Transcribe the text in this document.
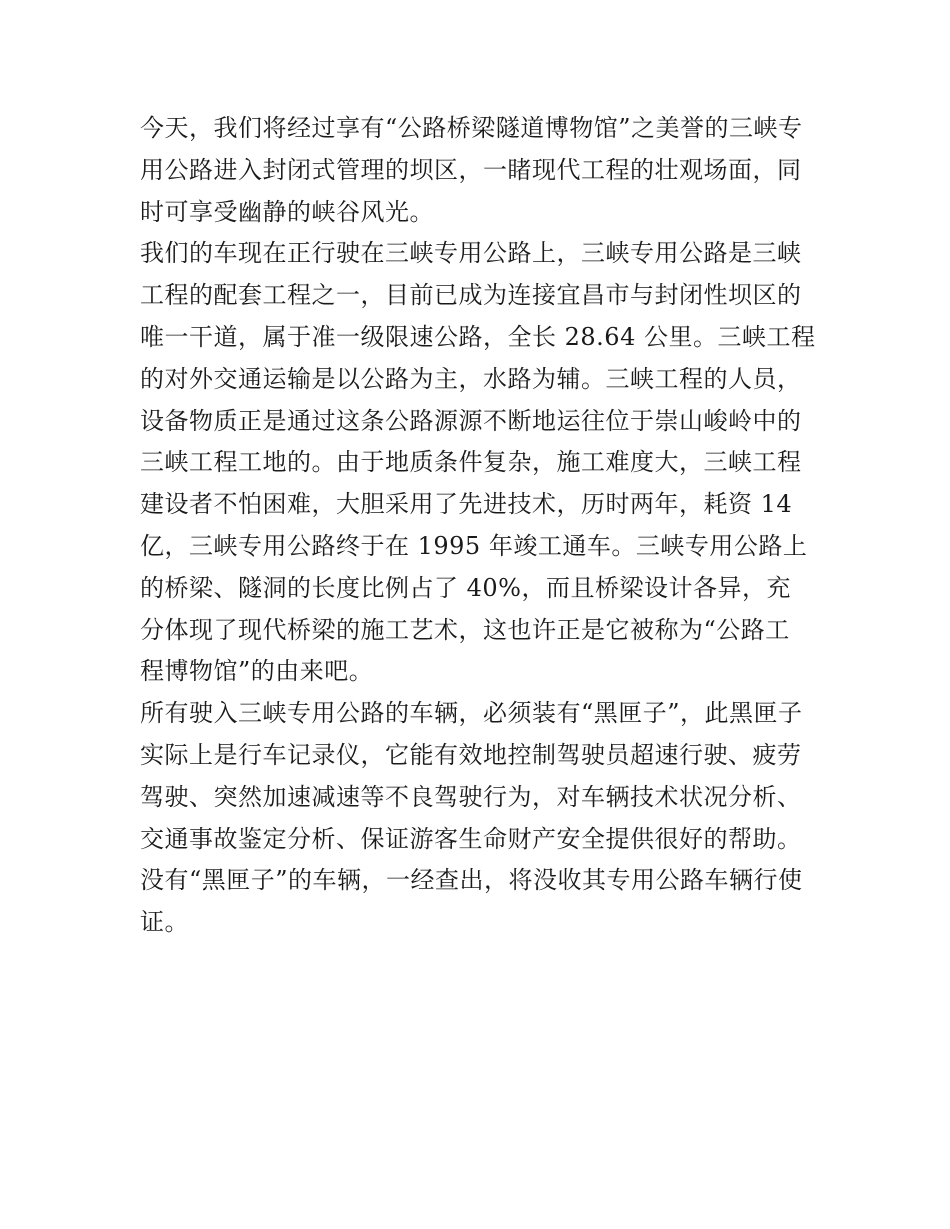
今天，我们将经过享有“公路桥梁隧道博物馆”之美誉的三峡专
用公路进入封闭式管理的坝区，一睹现代工程的壮观场面，同
时可享受幽静的峡谷风光。

我们的车现在正行驶在三峡专用公路上，三峡专用公路是三峡
工程的配套工程之一，目前已成为连接宜昌市与封闭性坝区的
唯一干道，属于准一级限速公路，全长 28.64 公里。三峡工程
的对外交通运输是以公路为主，水路为辅。三峡工程的人员，
设备物质正是通过这条公路源源不断地运往位于崇山峻岭中的
三峡工程工地的。由于地质条件复杂，施工难度大，三峡工程
建设者不怕困难，大胆采用了先进技术，历时两年，耗资 14
亿，三峡专用公路终于在 1995 年竣工通车。三峡专用公路上
的桥梁、隧洞的长度比例占了 40%，而且桥梁设计各异，充
分体现了现代桥梁的施工艺术，这也许正是它被称为“公路工
程博物馆”的由来吧。

所有驶入三峡专用公路的车辆，必须装有“黑匣子”，此黑匣子
实际上是行车记录仪，它能有效地控制驾驶员超速行驶、疲劳
驾驶、突然加速减速等不良驾驶行为，对车辆技术状况分析、
交通事故鉴定分析、保证游客生命财产安全提供很好的帮助。
没有“黑匣子”的车辆，一经查出，将没收其专用公路车辆行使
证。
